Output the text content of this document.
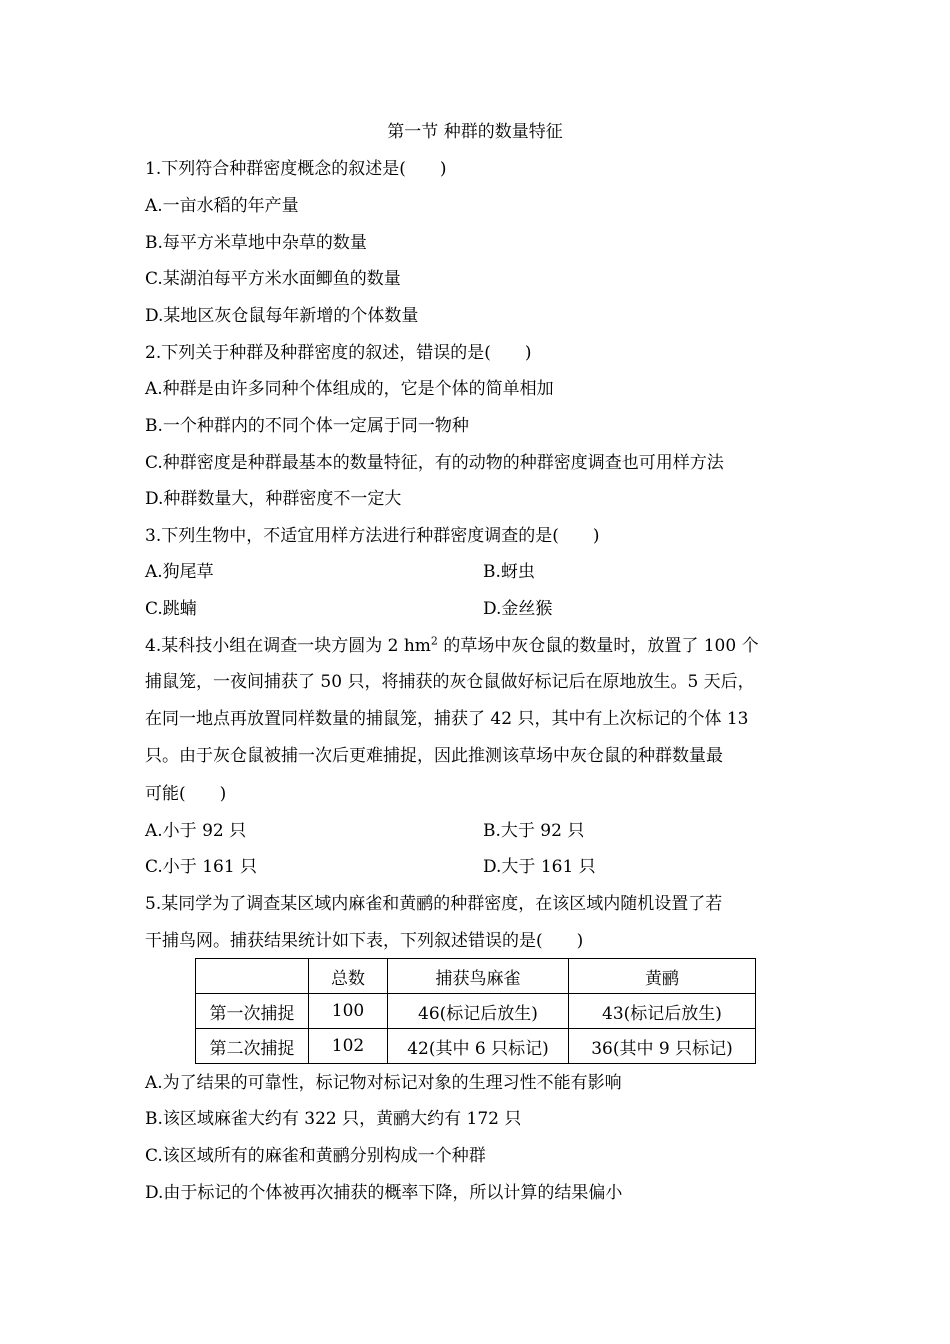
第一节 种群的数量特征
1.下列符合种群密度概念的叙述是(　　)
A.一亩水稻的年产量
B.每平方米草地中杂草的数量
C.某湖泊每平方米水面鲫鱼的数量
D.某地区灰仓鼠每年新增的个体数量
2.下列关于种群及种群密度的叙述，错误的是(　　)
A.种群是由许多同种个体组成的，它是个体的简单相加
B.一个种群内的不同个体一定属于同一物种
C.种群密度是种群最基本的数量特征，有的动物的种群密度调查也可用样方法
D.种群数量大，种群密度不一定大
3.下列生物中，不适宜用样方法进行种群密度调查的是(　　)
A.狗尾草	B.蚜虫
C.跳蝻	D.金丝猴
4.某科技小组在调查一块方圆为 2 $hm^2$ 的草场中灰仓鼠的数量时，放置了 100 个
捕鼠笼，一夜间捕获了 50 只，将捕获的灰仓鼠做好标记后在原地放生。5 天后，
在同一地点再放置同样数量的捕鼠笼，捕获了 42 只，其中有上次标记的个体 13
只。由于灰仓鼠被捕一次后更难捕捉，因此推测该草场中灰仓鼠的种群数量最
可能(　　)
A.小于 92 只	B.大于 92 只
C.小于 161 只	D.大于 161 只
5.某同学为了调查某区域内麻雀和黄鹂的种群密度，在该区域内随机设置了若
干捕鸟网。捕获结果统计如下表，下列叙述错误的是(　　)
	总数	捕获鸟麻雀	黄鹂
第一次捕捉	100	46(标记后放生)	43(标记后放生)
第二次捕捉	102	42(其中 6 只标记)	36(其中 9 只标记)
A.为了结果的可靠性，标记物对标记对象的生理习性不能有影响
B.该区域麻雀大约有 322 只，黄鹂大约有 172 只
C.该区域所有的麻雀和黄鹂分别构成一个种群
D.由于标记的个体被再次捕获的概率下降，所以计算的结果偏小
